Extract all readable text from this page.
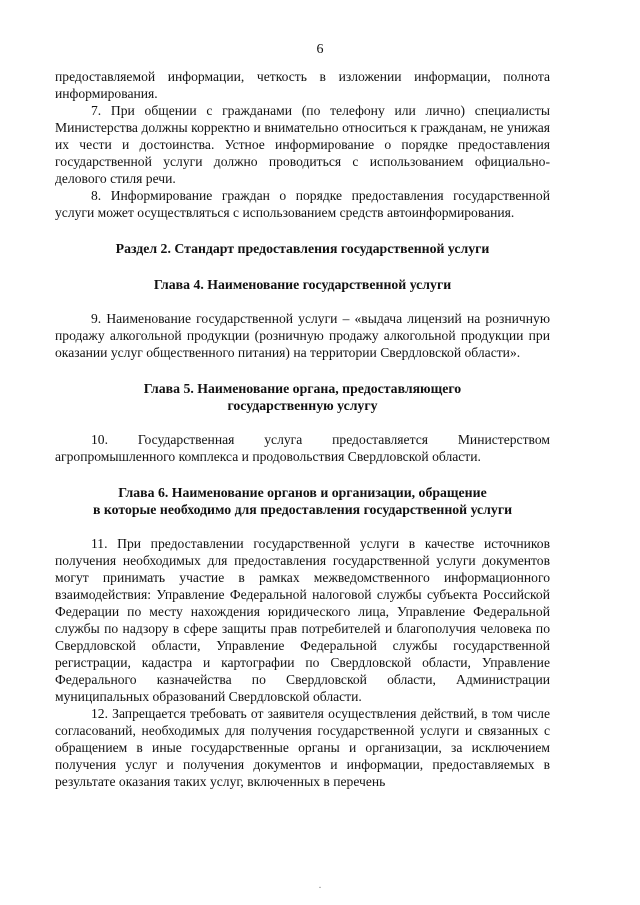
6

предоставляемой информации, четкость в изложении информации, полнота информирования.

7. При общении с гражданами (по телефону или лично) специалисты Министерства должны корректно и внимательно относиться к гражданам, не унижая их чести и достоинства. Устное информирование о порядке предоставления государственной услуги должно проводиться с использованием официально-делового стиля речи.

8. Информирование граждан о порядке предоставления государственной услуги может осуществляться с использованием средств автоинформирования.

Раздел 2. Стандарт предоставления государственной услуги

Глава 4. Наименование государственной услуги

9. Наименование государственной услуги – «выдача лицензий на розничную продажу алкогольной продукции (розничную продажу алкогольной продукции при оказании услуг общественного питания) на территории Свердловской области».

Глава 5. Наименование органа, предоставляющего

государственную услугу

10. Государственная услуга предоставляется Министерством агропромышленного комплекса и продовольствия Свердловской области.

Глава 6. Наименование органов и организации, обращение

в которые необходимо для предоставления государственной услуги

11. При предоставлении государственной услуги в качестве источников получения необходимых для предоставления государственной услуги документов могут принимать участие в рамках межведомственного информационного взаимодействия: Управление Федеральной налоговой службы субъекта Российской Федерации по месту нахождения юридического лица, Управление Федеральной службы по надзору в сфере защиты прав потребителей и благополучия человека по Свердловской области, Управление Федеральной службы государственной регистрации, кадастра и картографии по Свердловской области, Управление Федерального казначейства по Свердловской области, Администрации муниципальных образований Свердловской области.

12. Запрещается требовать от заявителя осуществления действий, в том числе согласований, необходимых для получения государственной услуги и связанных с обращением в иные государственные органы и организации, за исключением получения услуг и получения документов и информации, предоставляемых в результате оказания таких услуг, включенных в перечень

.
